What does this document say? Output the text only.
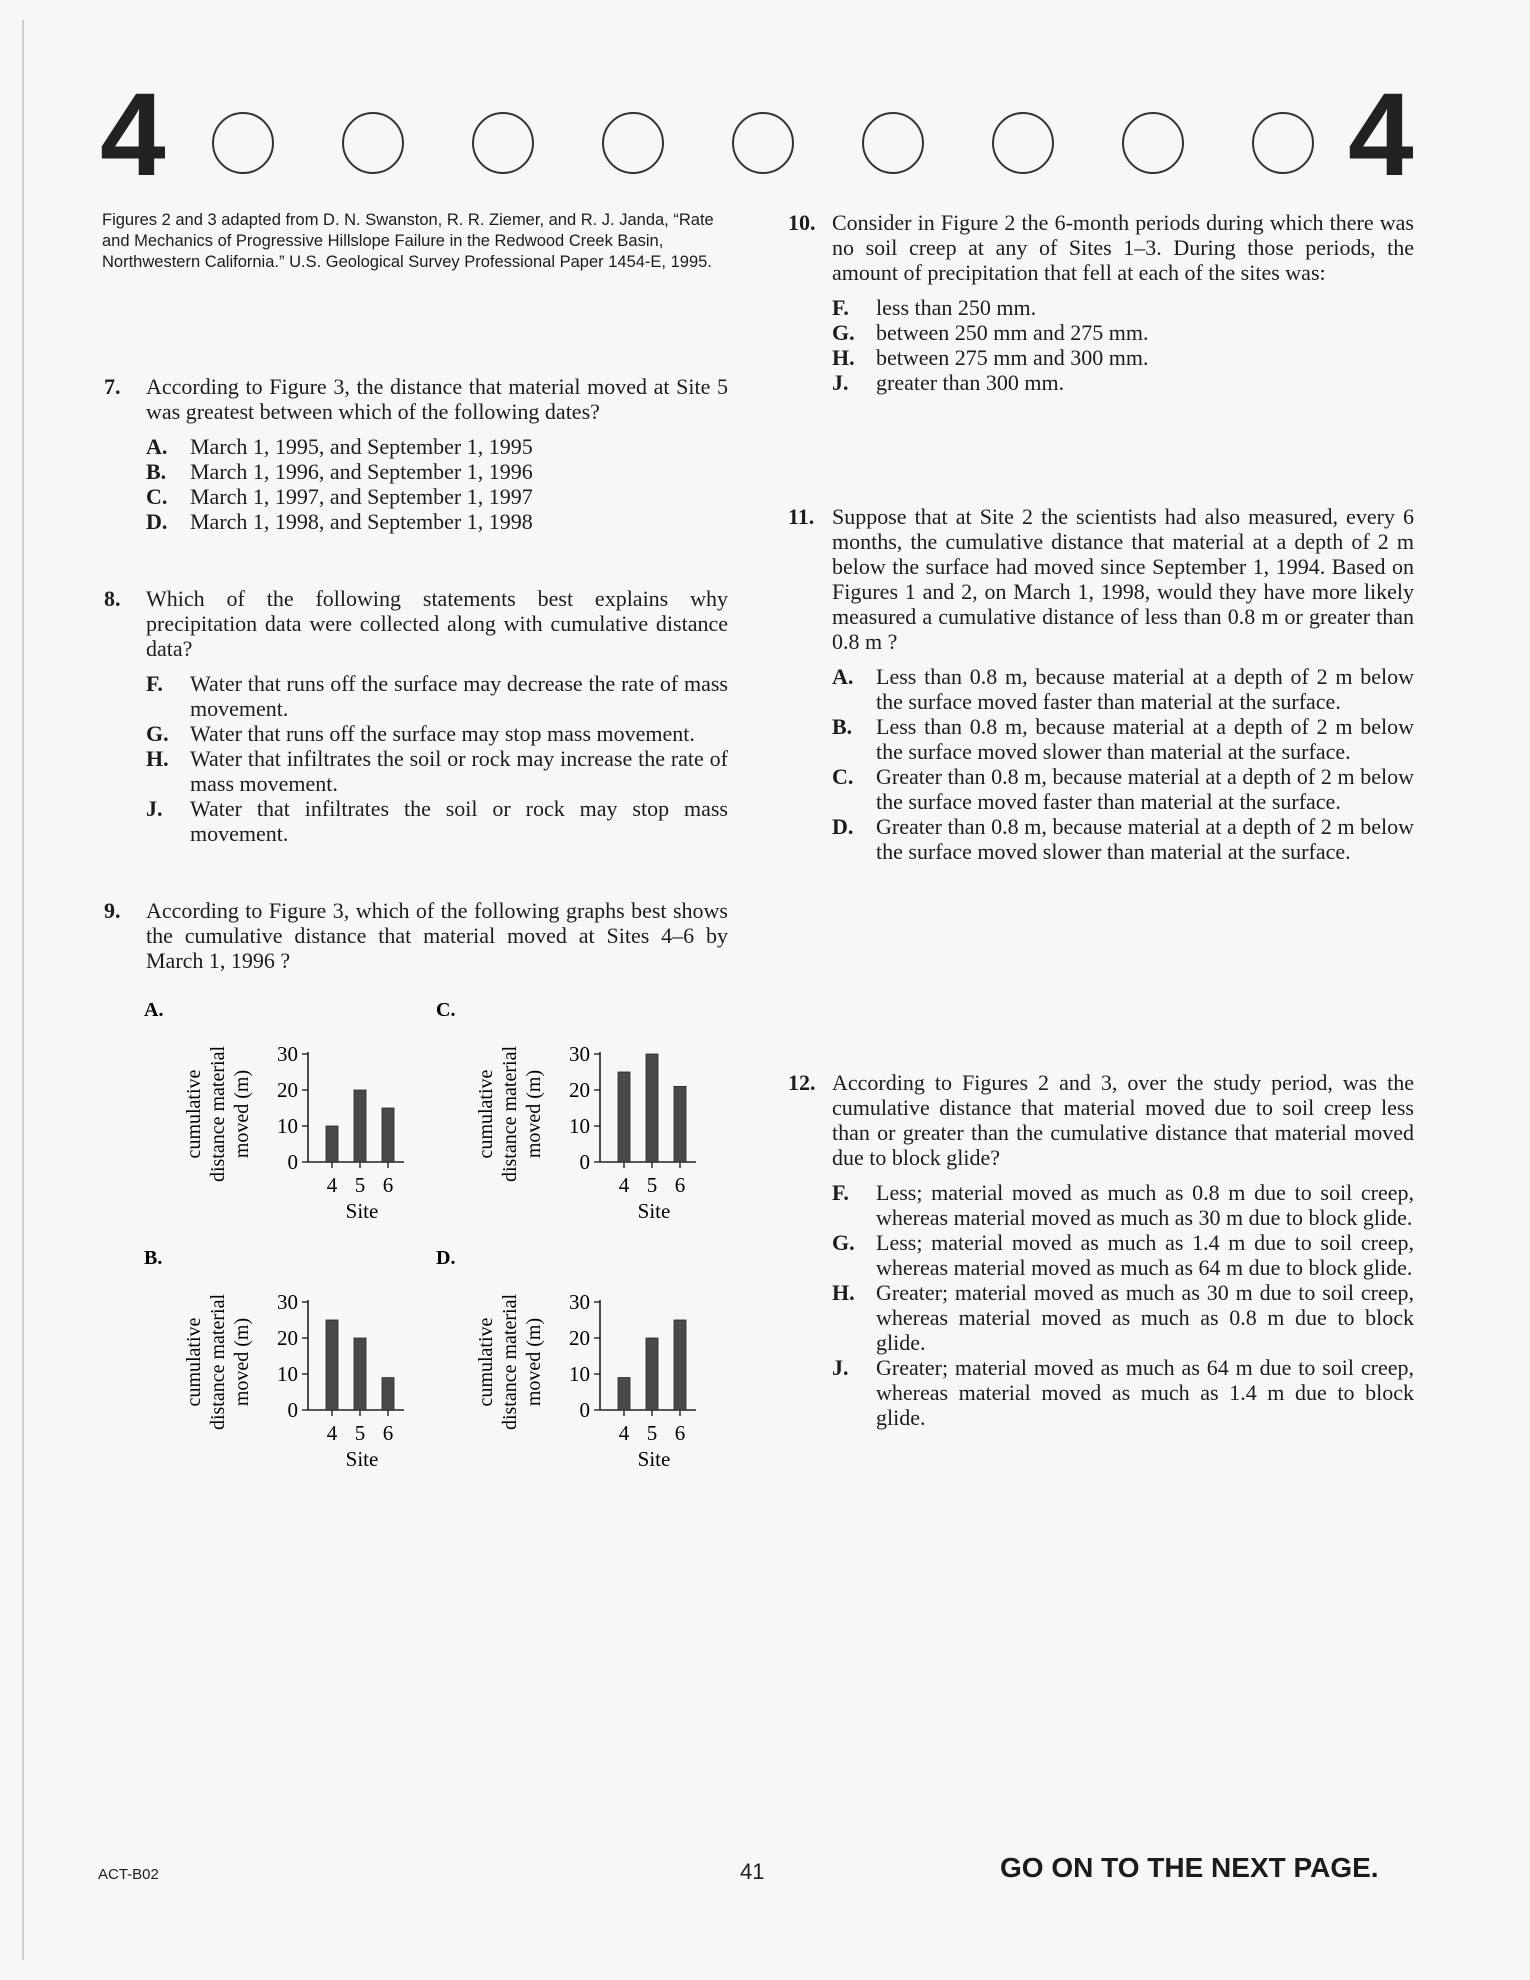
4	4
Figures 2 and 3 adapted from D. N. Swanston, R. R. Ziemer, and R. J. Janda, “Rate and Mechanics of Progressive Hillslope Failure in the Redwood Creek Basin, Northwestern California.” U.S. Geological Survey Professional Paper 1454-E, 1995.
7. According to Figure 3, the distance that material moved at Site 5 was greatest between which of the following dates?
A. March 1, 1995, and September 1, 1995
B. March 1, 1996, and September 1, 1996
C. March 1, 1997, and September 1, 1997
D. March 1, 1998, and September 1, 1998
8. Which of the following statements best explains why precipitation data were collected along with cumulative distance data?
F. Water that runs off the surface may decrease the rate of mass movement.
G. Water that runs off the surface may stop mass movement.
H. Water that infiltrates the soil or rock may increase the rate of mass movement.
J. Water that infiltrates the soil or rock may stop mass movement.
9. According to Figure 3, which of the following graphs best shows the cumulative distance that material moved at Sites 4–6 by March 1, 1996 ?
A.
cumulative distance material moved (m)
0
10
20
30
4 5 6
Site
C.
cumulative distance material moved (m)
0
10
20
30
4 5 6
Site
B.
cumulative distance material moved (m)
0
10
20
30
4 5 6
Site
D.
cumulative distance material moved (m)
0
10
20
30
4 5 6
Site
10. Consider in Figure 2 the 6-month periods during which there was no soil creep at any of Sites 1–3. During those periods, the amount of precipitation that fell at each of the sites was:
F. less than 250 mm.
G. between 250 mm and 275 mm.
H. between 275 mm and 300 mm.
J. greater than 300 mm.
11. Suppose that at Site 2 the scientists had also measured, every 6 months, the cumulative distance that material at a depth of 2 m below the surface had moved since September 1, 1994. Based on Figures 1 and 2, on March 1, 1998, would they have more likely measured a cumulative distance of less than 0.8 m or greater than 0.8 m ?
A. Less than 0.8 m, because material at a depth of 2 m below the surface moved faster than material at the surface.
B. Less than 0.8 m, because material at a depth of 2 m below the surface moved slower than material at the surface.
C. Greater than 0.8 m, because material at a depth of 2 m below the surface moved faster than material at the surface.
D. Greater than 0.8 m, because material at a depth of 2 m below the surface moved slower than material at the surface.
12. According to Figures 2 and 3, over the study period, was the cumulative distance that material moved due to soil creep less than or greater than the cumulative distance that material moved due to block glide?
F. Less; material moved as much as 0.8 m due to soil creep, whereas material moved as much as 30 m due to block glide.
G. Less; material moved as much as 1.4 m due to soil creep, whereas material moved as much as 64 m due to block glide.
H. Greater; material moved as much as 30 m due to soil creep, whereas material moved as much as 0.8 m due to block glide.
J. Greater; material moved as much as 64 m due to soil creep, whereas material moved as much as 1.4 m due to block glide.
ACT-B02	41	GO ON TO THE NEXT PAGE.
